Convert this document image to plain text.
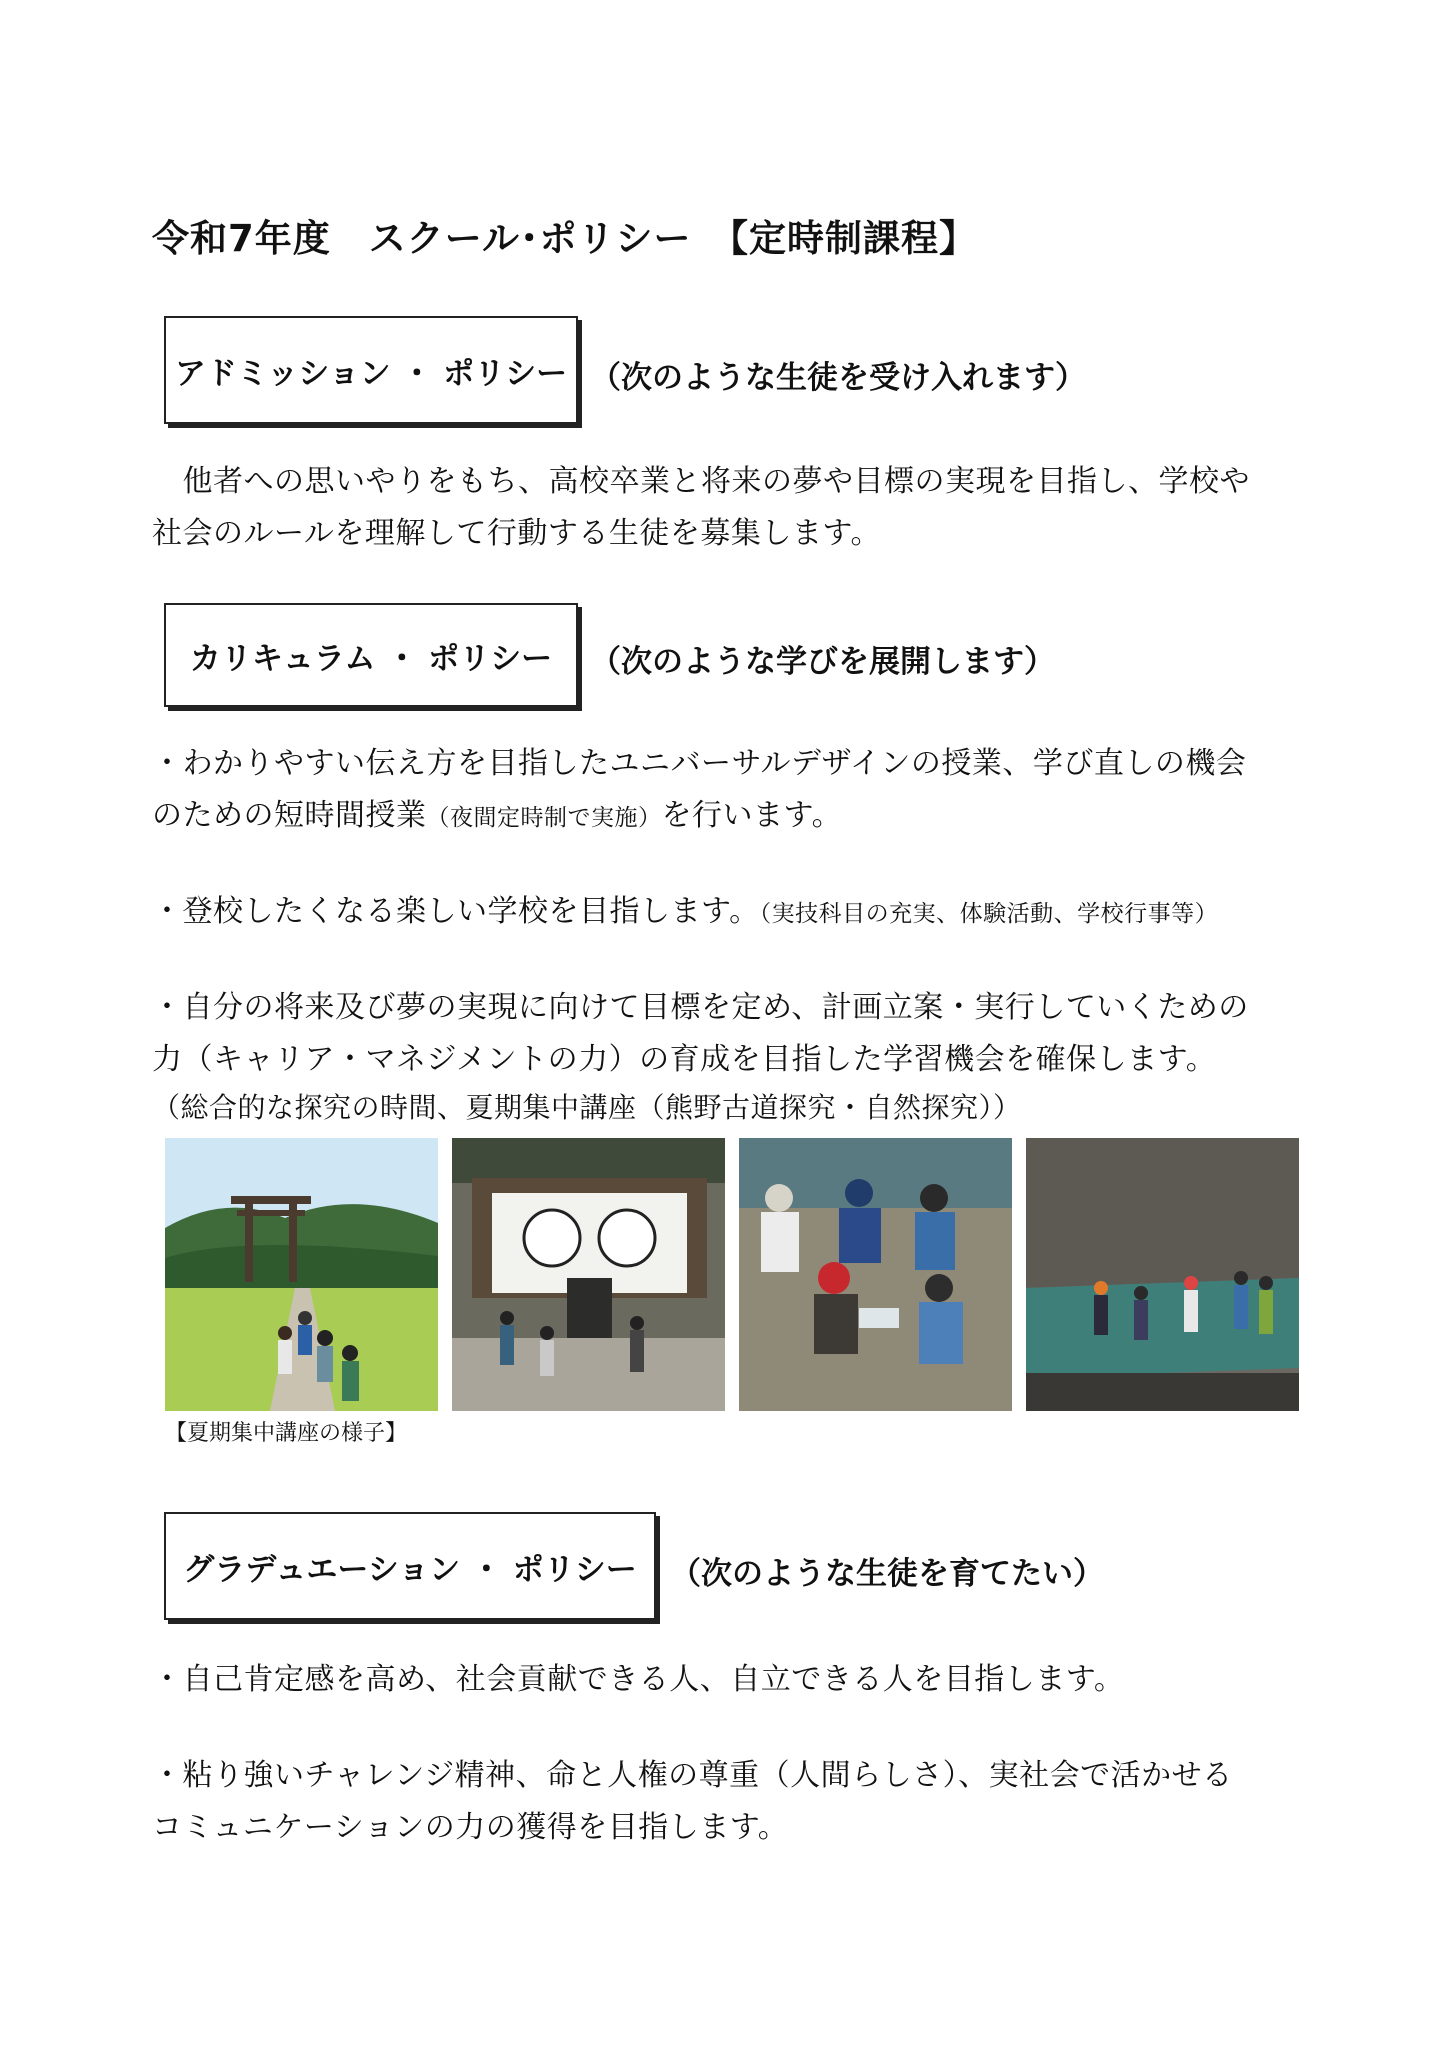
令和7年度　スクール･ポリシー　【定時制課程】
アドミッション ・ ポリシー （次のような生徒を受け入れます）
　他者への思いやりをもち、高校卒業と将来の夢や目標の実現を目指し、学校や
社会のルールを理解して行動する生徒を募集します。
カリキュラム ・ ポリシー	（次のような学びを展開します）
・わかりやすい伝え方を目指したユニバーサルデザインの授業、学び直しの機会
のための短時間授業（夜間定時制で実施）を行います。
・登校したくなる楽しい学校を目指します。（実技科目の充実、体験活動、学校行事等）
・自分の将来及び夢の実現に向けて目標を定め、計画立案・実行していくための
力（キャリア・マネジメントの力）の育成を目指した学習機会を確保します。
（総合的な探究の時間、夏期集中講座（熊野古道探究・自然探究））
【夏期集中講座の様子】
グラデュエーション ・ ポリシー	（次のような生徒を育てたい）
・自己肯定感を高め、社会貢献できる人、自立できる人を目指します。
・粘り強いチャレンジ精神、命と人権の尊重（人間らしさ）、実社会で活かせる
コミュニケーションの力の獲得を目指します。
